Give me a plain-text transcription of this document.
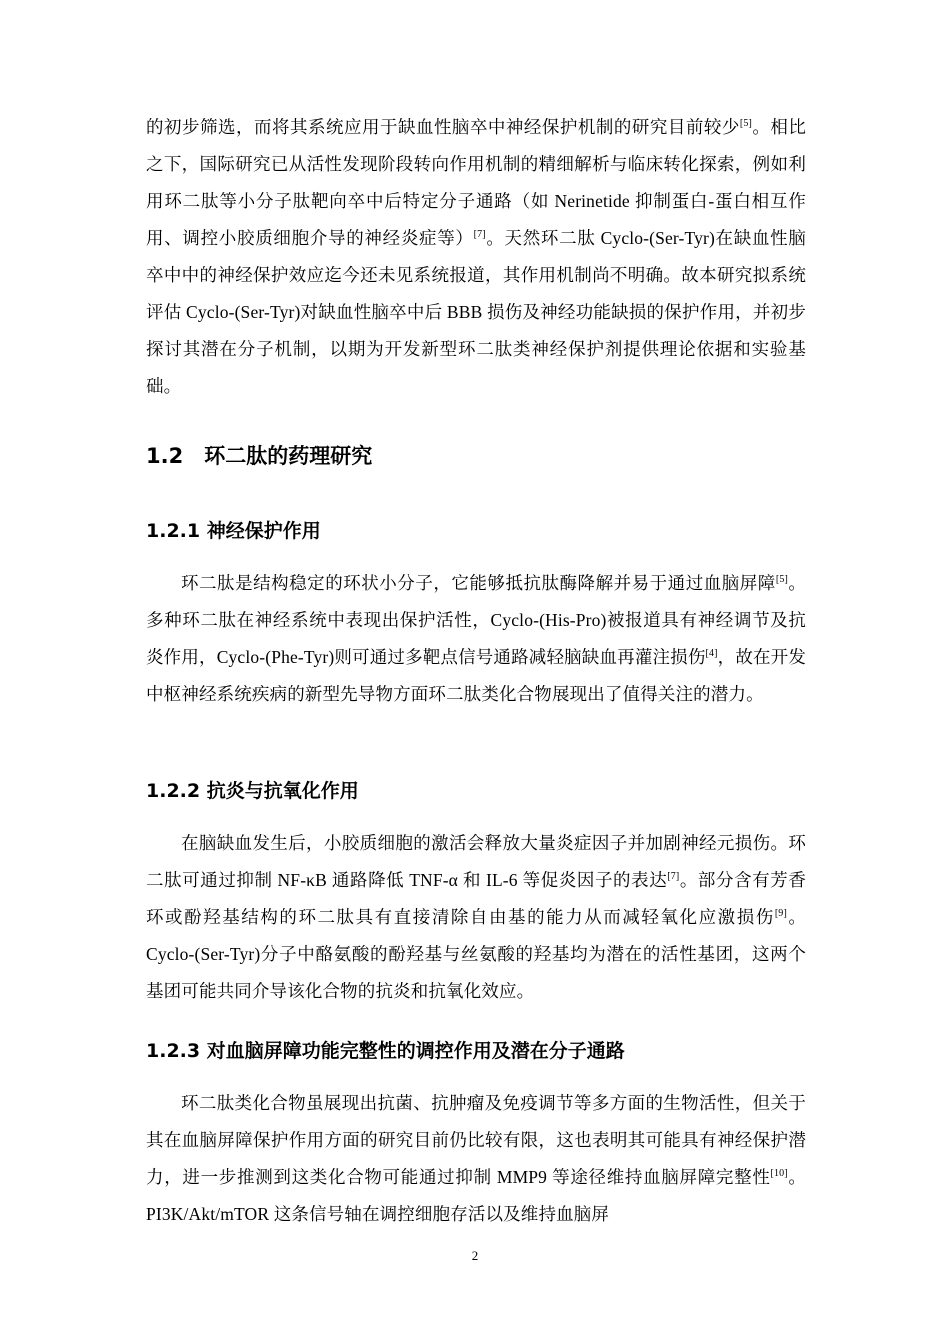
的初步筛选，而将其系统应用于缺血性脑卒中神经保护机制的研究目前较少[5]。相比之下，国际研究已从活性发现阶段转向作用机制的精细解析与临床转化探索，例如利用环二肽等小分子肽靶向卒中后特定分子通路（如 Nerinetide 抑制蛋白-蛋白相互作用、调控小胶质细胞介导的神经炎症等）[7]。天然环二肽 Cyclo-(Ser-Tyr)在缺血性脑卒中中的神经保护效应迄今还未见系统报道，其作用机制尚不明确。故本研究拟系统评估 Cyclo-(Ser-Tyr)对缺血性脑卒中后 BBB 损伤及神经功能缺损的保护作用，并初步探讨其潜在分子机制，以期为开发新型环二肽类神经保护剂提供理论依据和实验基础。
1.2　环二肽的药理研究
1.2.1 神经保护作用
环二肽是结构稳定的环状小分子，它能够抵抗肽酶降解并易于通过血脑屏障[5]。多种环二肽在神经系统中表现出保护活性，Cyclo-(His-Pro)被报道具有神经调节及抗炎作用，Cyclo-(Phe-Tyr)则可通过多靶点信号通路减轻脑缺血再灌注损伤[4]，故在开发中枢神经系统疾病的新型先导物方面环二肽类化合物展现出了值得关注的潜力。
1.2.2 抗炎与抗氧化作用
在脑缺血发生后，小胶质细胞的激活会释放大量炎症因子并加剧神经元损伤。环二肽可通过抑制 NF-κB 通路降低 TNF-α 和 IL-6 等促炎因子的表达[7]。部分含有芳香环或酚羟基结构的环二肽具有直接清除自由基的能力从而减轻氧化应激损伤[9]。Cyclo-(Ser-Tyr)分子中酪氨酸的酚羟基与丝氨酸的羟基均为潜在的活性基团，这两个基团可能共同介导该化合物的抗炎和抗氧化效应。
1.2.3 对血脑屏障功能完整性的调控作用及潜在分子通路
环二肽类化合物虽展现出抗菌、抗肿瘤及免疫调节等多方面的生物活性，但关于其在血脑屏障保护作用方面的研究目前仍比较有限，这也表明其可能具有神经保护潜力，进一步推测到这类化合物可能通过抑制 MMP9 等途径维持血脑屏障完整性[10]。PI3K/Akt/mTOR 这条信号轴在调控细胞存活以及维持血脑屏
2
